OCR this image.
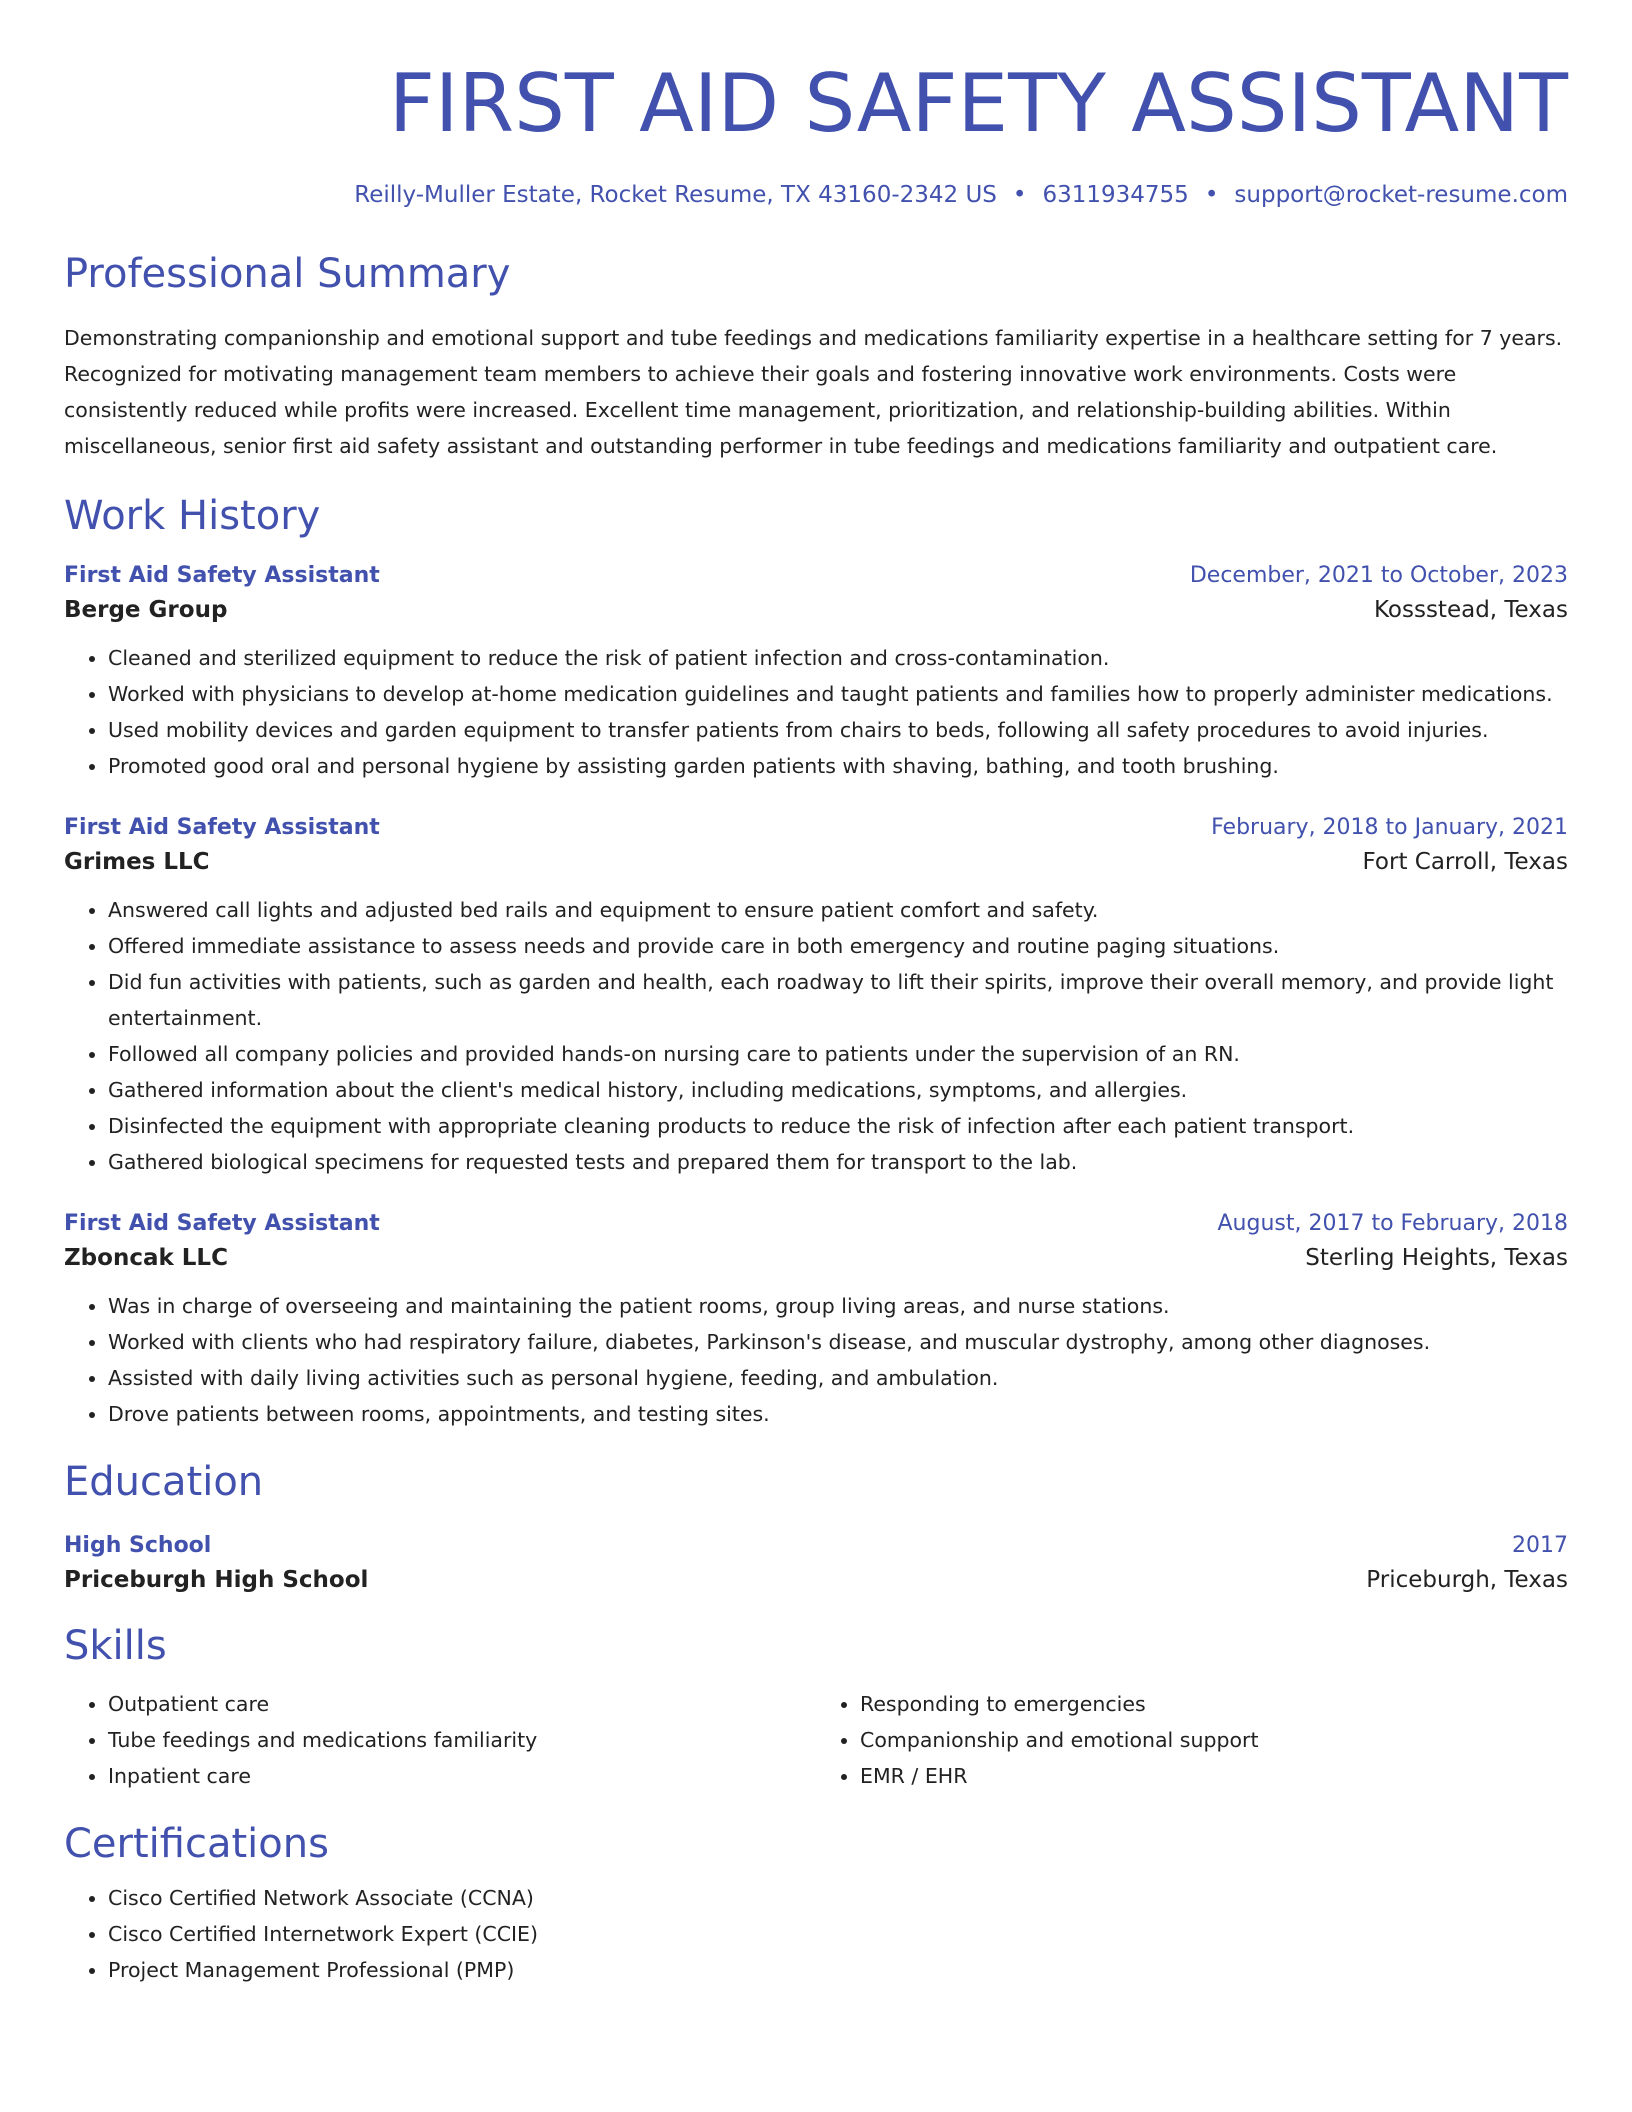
FIRST AID SAFETY ASSISTANT
Reilly-Muller Estate, Rocket Resume, TX 43160-2342 US • 6311934755 • support@rocket-resume.com
Professional Summary
Demonstrating companionship and emotional support and tube feedings and medications familiarity expertise in a healthcare setting for 7 years. Recognized for motivating management team members to achieve their goals and fostering innovative work environments. Costs were consistently reduced while profits were increased. Excellent time management, prioritization, and relationship-building abilities. Within miscellaneous, senior first aid safety assistant and outstanding performer in tube feedings and medications familiarity and outpatient care.
Work History
First Aid Safety Assistant	December, 2021 to October, 2023
Berge Group	Kossstead, Texas
• Cleaned and sterilized equipment to reduce the risk of patient infection and cross-contamination.
• Worked with physicians to develop at-home medication guidelines and taught patients and families how to properly administer medications.
• Used mobility devices and garden equipment to transfer patients from chairs to beds, following all safety procedures to avoid injuries.
• Promoted good oral and personal hygiene by assisting garden patients with shaving, bathing, and tooth brushing.
First Aid Safety Assistant	February, 2018 to January, 2021
Grimes LLC	Fort Carroll, Texas
• Answered call lights and adjusted bed rails and equipment to ensure patient comfort and safety.
• Offered immediate assistance to assess needs and provide care in both emergency and routine paging situations.
• Did fun activities with patients, such as garden and health, each roadway to lift their spirits, improve their overall memory, and provide light entertainment.
• Followed all company policies and provided hands-on nursing care to patients under the supervision of an RN.
• Gathered information about the client's medical history, including medications, symptoms, and allergies.
• Disinfected the equipment with appropriate cleaning products to reduce the risk of infection after each patient transport.
• Gathered biological specimens for requested tests and prepared them for transport to the lab.
First Aid Safety Assistant	August, 2017 to February, 2018
Zboncak LLC	Sterling Heights, Texas
• Was in charge of overseeing and maintaining the patient rooms, group living areas, and nurse stations.
• Worked with clients who had respiratory failure, diabetes, Parkinson's disease, and muscular dystrophy, among other diagnoses.
• Assisted with daily living activities such as personal hygiene, feeding, and ambulation.
• Drove patients between rooms, appointments, and testing sites.
Education
High School	2017
Priceburgh High School	Priceburgh, Texas
Skills
• Outpatient care
• Tube feedings and medications familiarity
• Inpatient care
• Responding to emergencies
• Companionship and emotional support
• EMR / EHR
Certifications
• Cisco Certified Network Associate (CCNA)
• Cisco Certified Internetwork Expert (CCIE)
• Project Management Professional (PMP)
